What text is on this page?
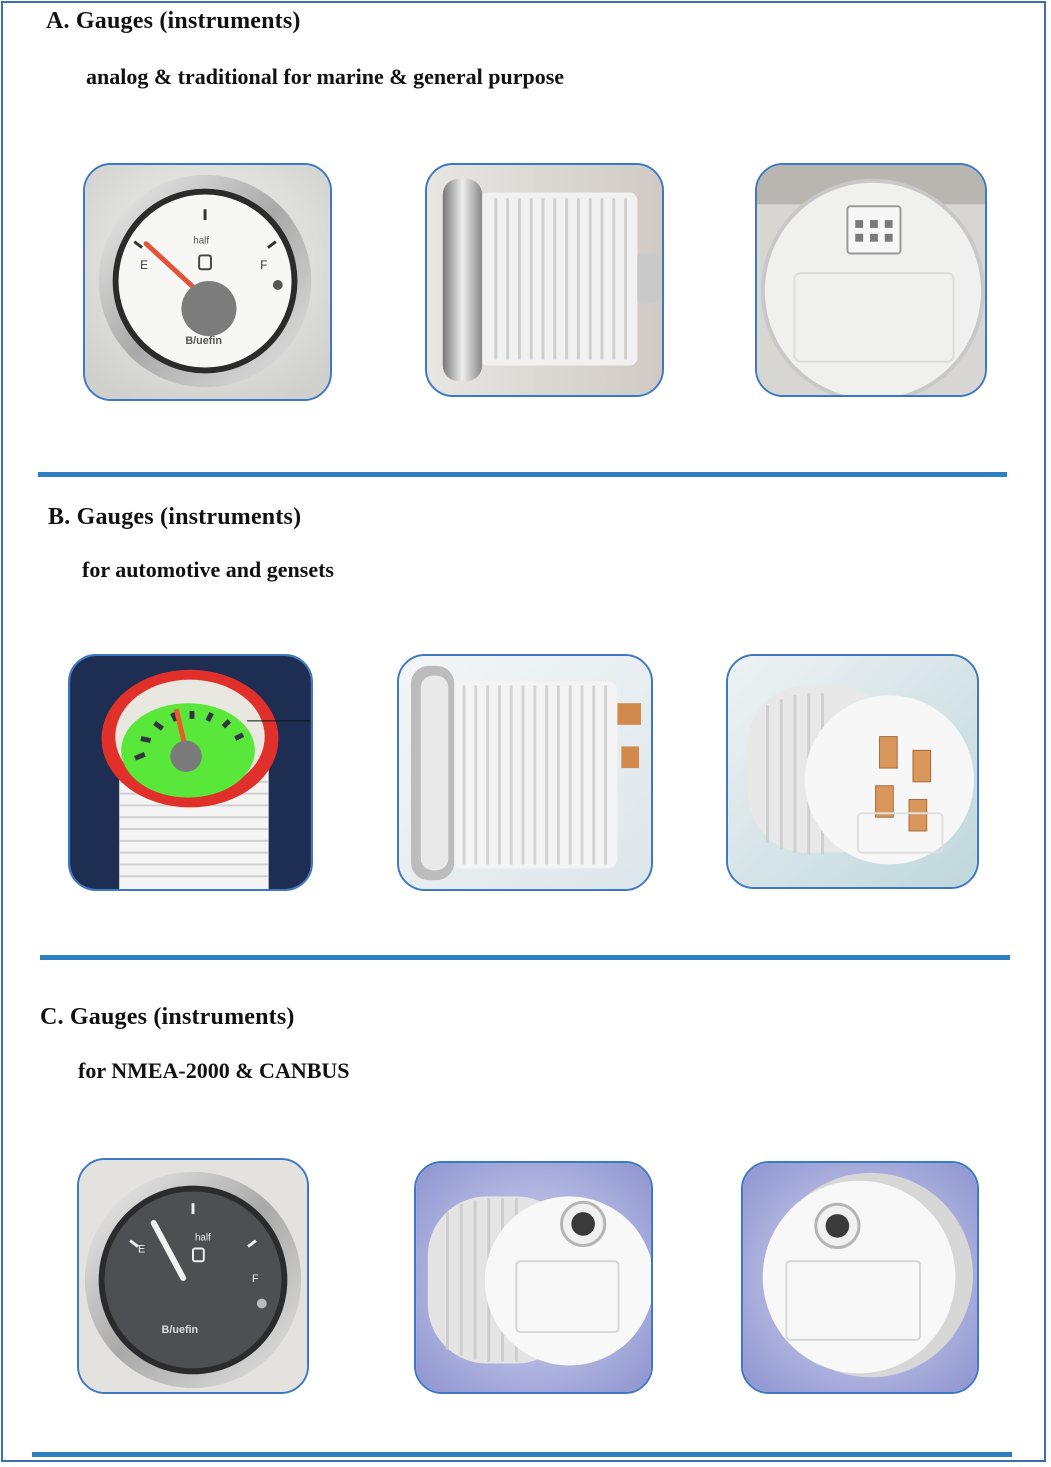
A. Gauges (instruments)
analog & traditional for marine & general purpose
E
half
F
B/uefin
B. Gauges (instruments)
for automotive and gensets
C. Gauges (instruments)
for NMEA-2000 & CANBUS
E
half
F
B/uefin
